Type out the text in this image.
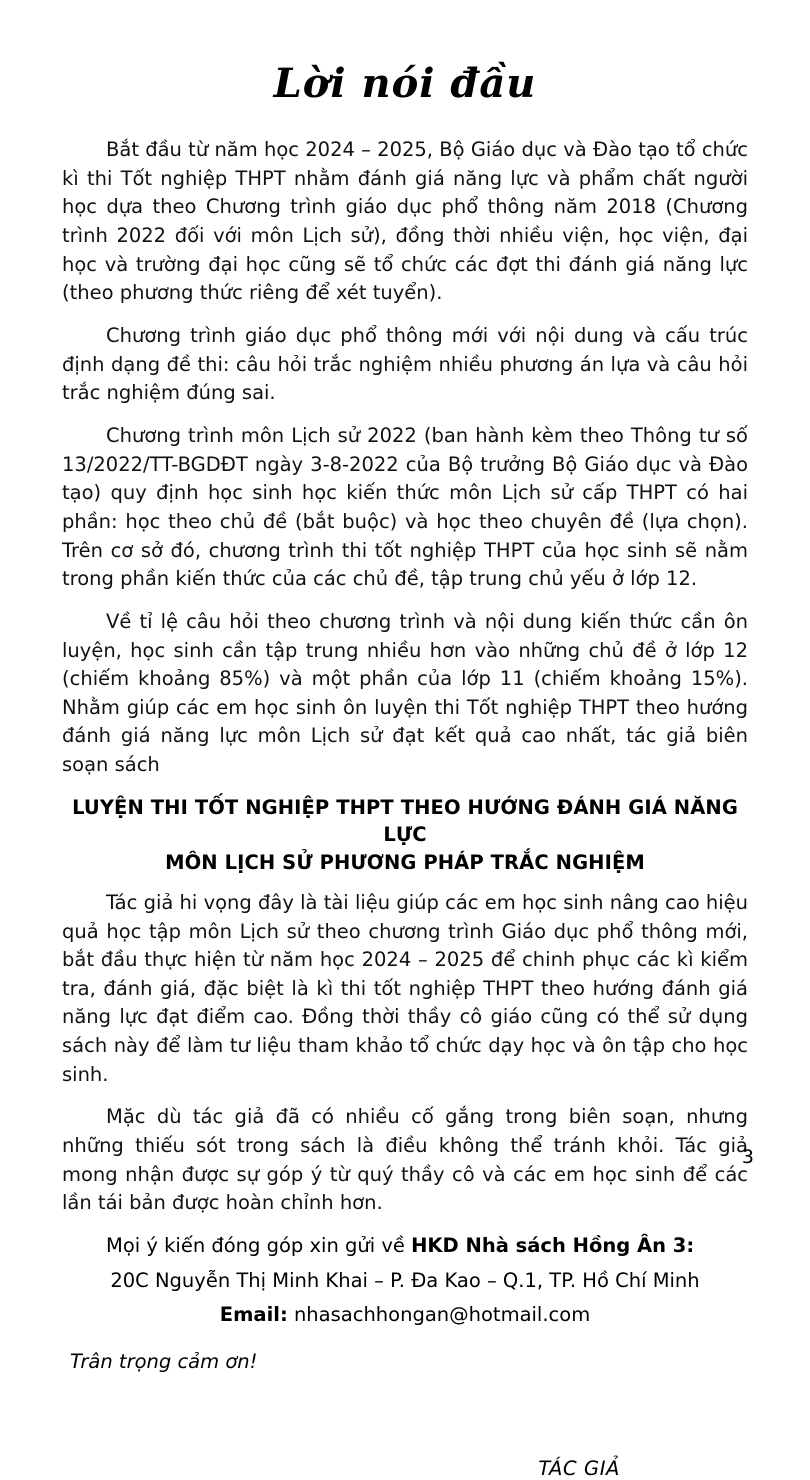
Lời nói đầu

Bắt đầu từ năm học 2024 – 2025, Bộ Giáo dục và Đào tạo tổ chức kì thi Tốt nghiệp THPT nhằm đánh giá năng lực và phẩm chất người học dựa theo Chương trình giáo dục phổ thông năm 2018 (Chương trình 2022 đối với môn Lịch sử), đồng thời nhiều viện, học viện, đại học và trường đại học cũng sẽ tổ chức các đợt thi đánh giá năng lực (theo phương thức riêng để xét tuyển).

Chương trình giáo dục phổ thông mới với nội dung và cấu trúc định dạng đề thi: câu hỏi trắc nghiệm nhiều phương án lựa và câu hỏi trắc nghiệm đúng sai.

Chương trình môn Lịch sử 2022 (ban hành kèm theo Thông tư số 13/2022/TT-BGDĐT ngày 3-8-2022 của Bộ trưởng Bộ Giáo dục và Đào tạo) quy định học sinh học kiến thức môn Lịch sử cấp THPT có hai phần: học theo chủ đề (bắt buộc) và học theo chuyên đề (lựa chọn). Trên cơ sở đó, chương trình thi tốt nghiệp THPT của học sinh sẽ nằm trong phần kiến thức của các chủ đề, tập trung chủ yếu ở lớp 12.

Về tỉ lệ câu hỏi theo chương trình và nội dung kiến thức cần ôn luyện, học sinh cần tập trung nhiều hơn vào những chủ đề ở lớp 12 (chiếm khoảng 85%) và một phần của lớp 11 (chiếm khoảng 15%). Nhằm giúp các em học sinh ôn luyện thi Tốt nghiệp THPT theo hướng đánh giá năng lực môn Lịch sử đạt kết quả cao nhất, tác giả biên soạn sách

LUYỆN THI TỐT NGHIỆP THPT THEO HƯỚNG ĐÁNH GIÁ NĂNG LỰC
MÔN LỊCH SỬ PHƯƠNG PHÁP TRẮC NGHIỆM

Tác giả hi vọng đây là tài liệu giúp các em học sinh nâng cao hiệu quả học tập môn Lịch sử theo chương trình Giáo dục phổ thông mới, bắt đầu thực hiện từ năm học 2024 – 2025 để chinh phục các kì kiểm tra, đánh giá, đặc biệt là kì thi tốt nghiệp THPT theo hướng đánh giá năng lực đạt điểm cao. Đồng thời thầy cô giáo cũng có thể sử dụng sách này để làm tư liệu tham khảo tổ chức dạy học và ôn tập cho học sinh.

Mặc dù tác giả đã có nhiều cố gắng trong biên soạn, nhưng những thiếu sót trong sách là điều không thể tránh khỏi. Tác giả mong nhận được sự góp ý từ quý thầy cô và các em học sinh để các lần tái bản được hoàn chỉnh hơn.

Mọi ý kiến đóng góp xin gửi về HKD Nhà sách Hồng Ân 3:

20C Nguyễn Thị Minh Khai – P. Đa Kao – Q.1, TP. Hồ Chí Minh

Email: nhasachhongan@hotmail.com

Trân trọng cảm ơn!

TÁC GIẢ

3
